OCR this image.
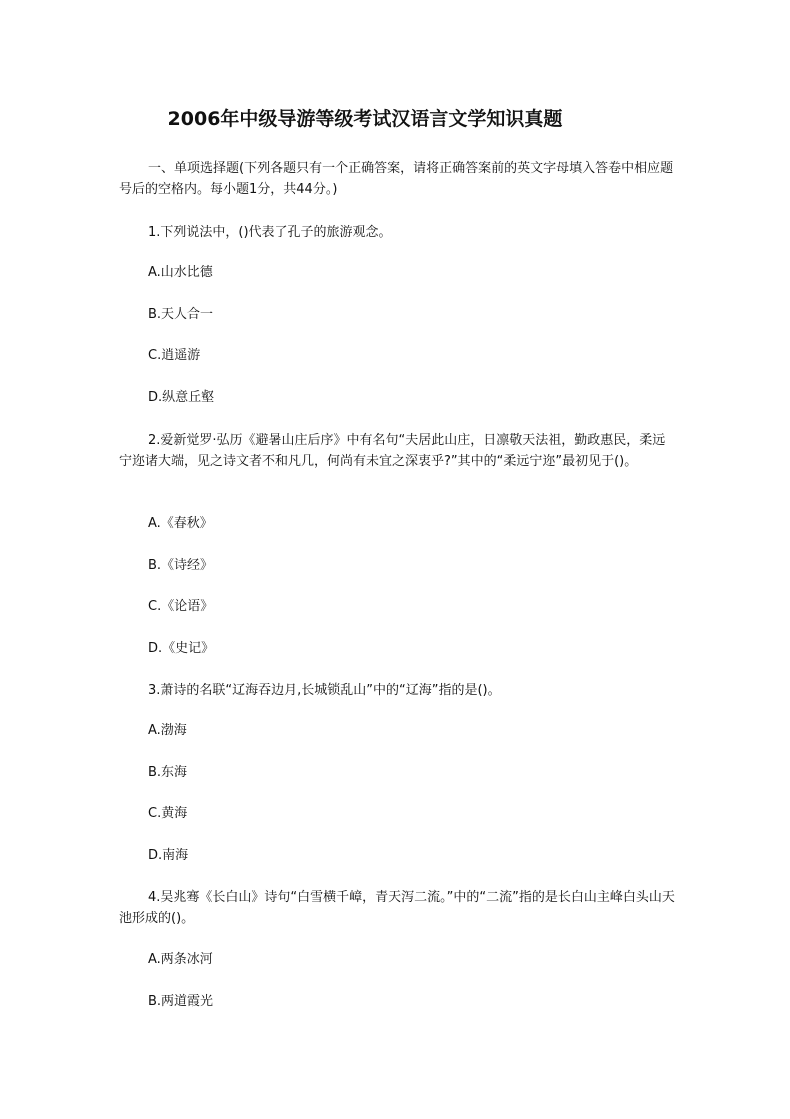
2006年中级导游等级考试汉语言文学知识真题

一、单项选择题(下列各题只有一个正确答案，请将正确答案前的英文字母填入答卷中相应题号后的空格内。每小题1分，共44分。)

1.下列说法中，()代表了孔子的旅游观念。

A.山水比德

B.天人合一

C.逍遥游

D.纵意丘壑

2.爱新觉罗·弘历《避暑山庄后序》中有名句“夫居此山庄，日凛敬天法祖，勤政惠民，柔远宁迩诸大端，见之诗文者不和凡几，何尚有未宜之深衷乎?”其中的“柔远宁迩”最初见于()。

A.《春秋》

B.《诗经》

C.《论语》

D.《史记》

3.萧诗的名联“辽海吞边月,长城锁乱山”中的“辽海”指的是()。

A.渤海

B.东海

C.黄海

D.南海

4.吴兆骞《长白山》诗句“白雪横千嶂，青天泻二流。”中的“二流”指的是长白山主峰白头山天池形成的()。

A.两条冰河

B.两道霞光
